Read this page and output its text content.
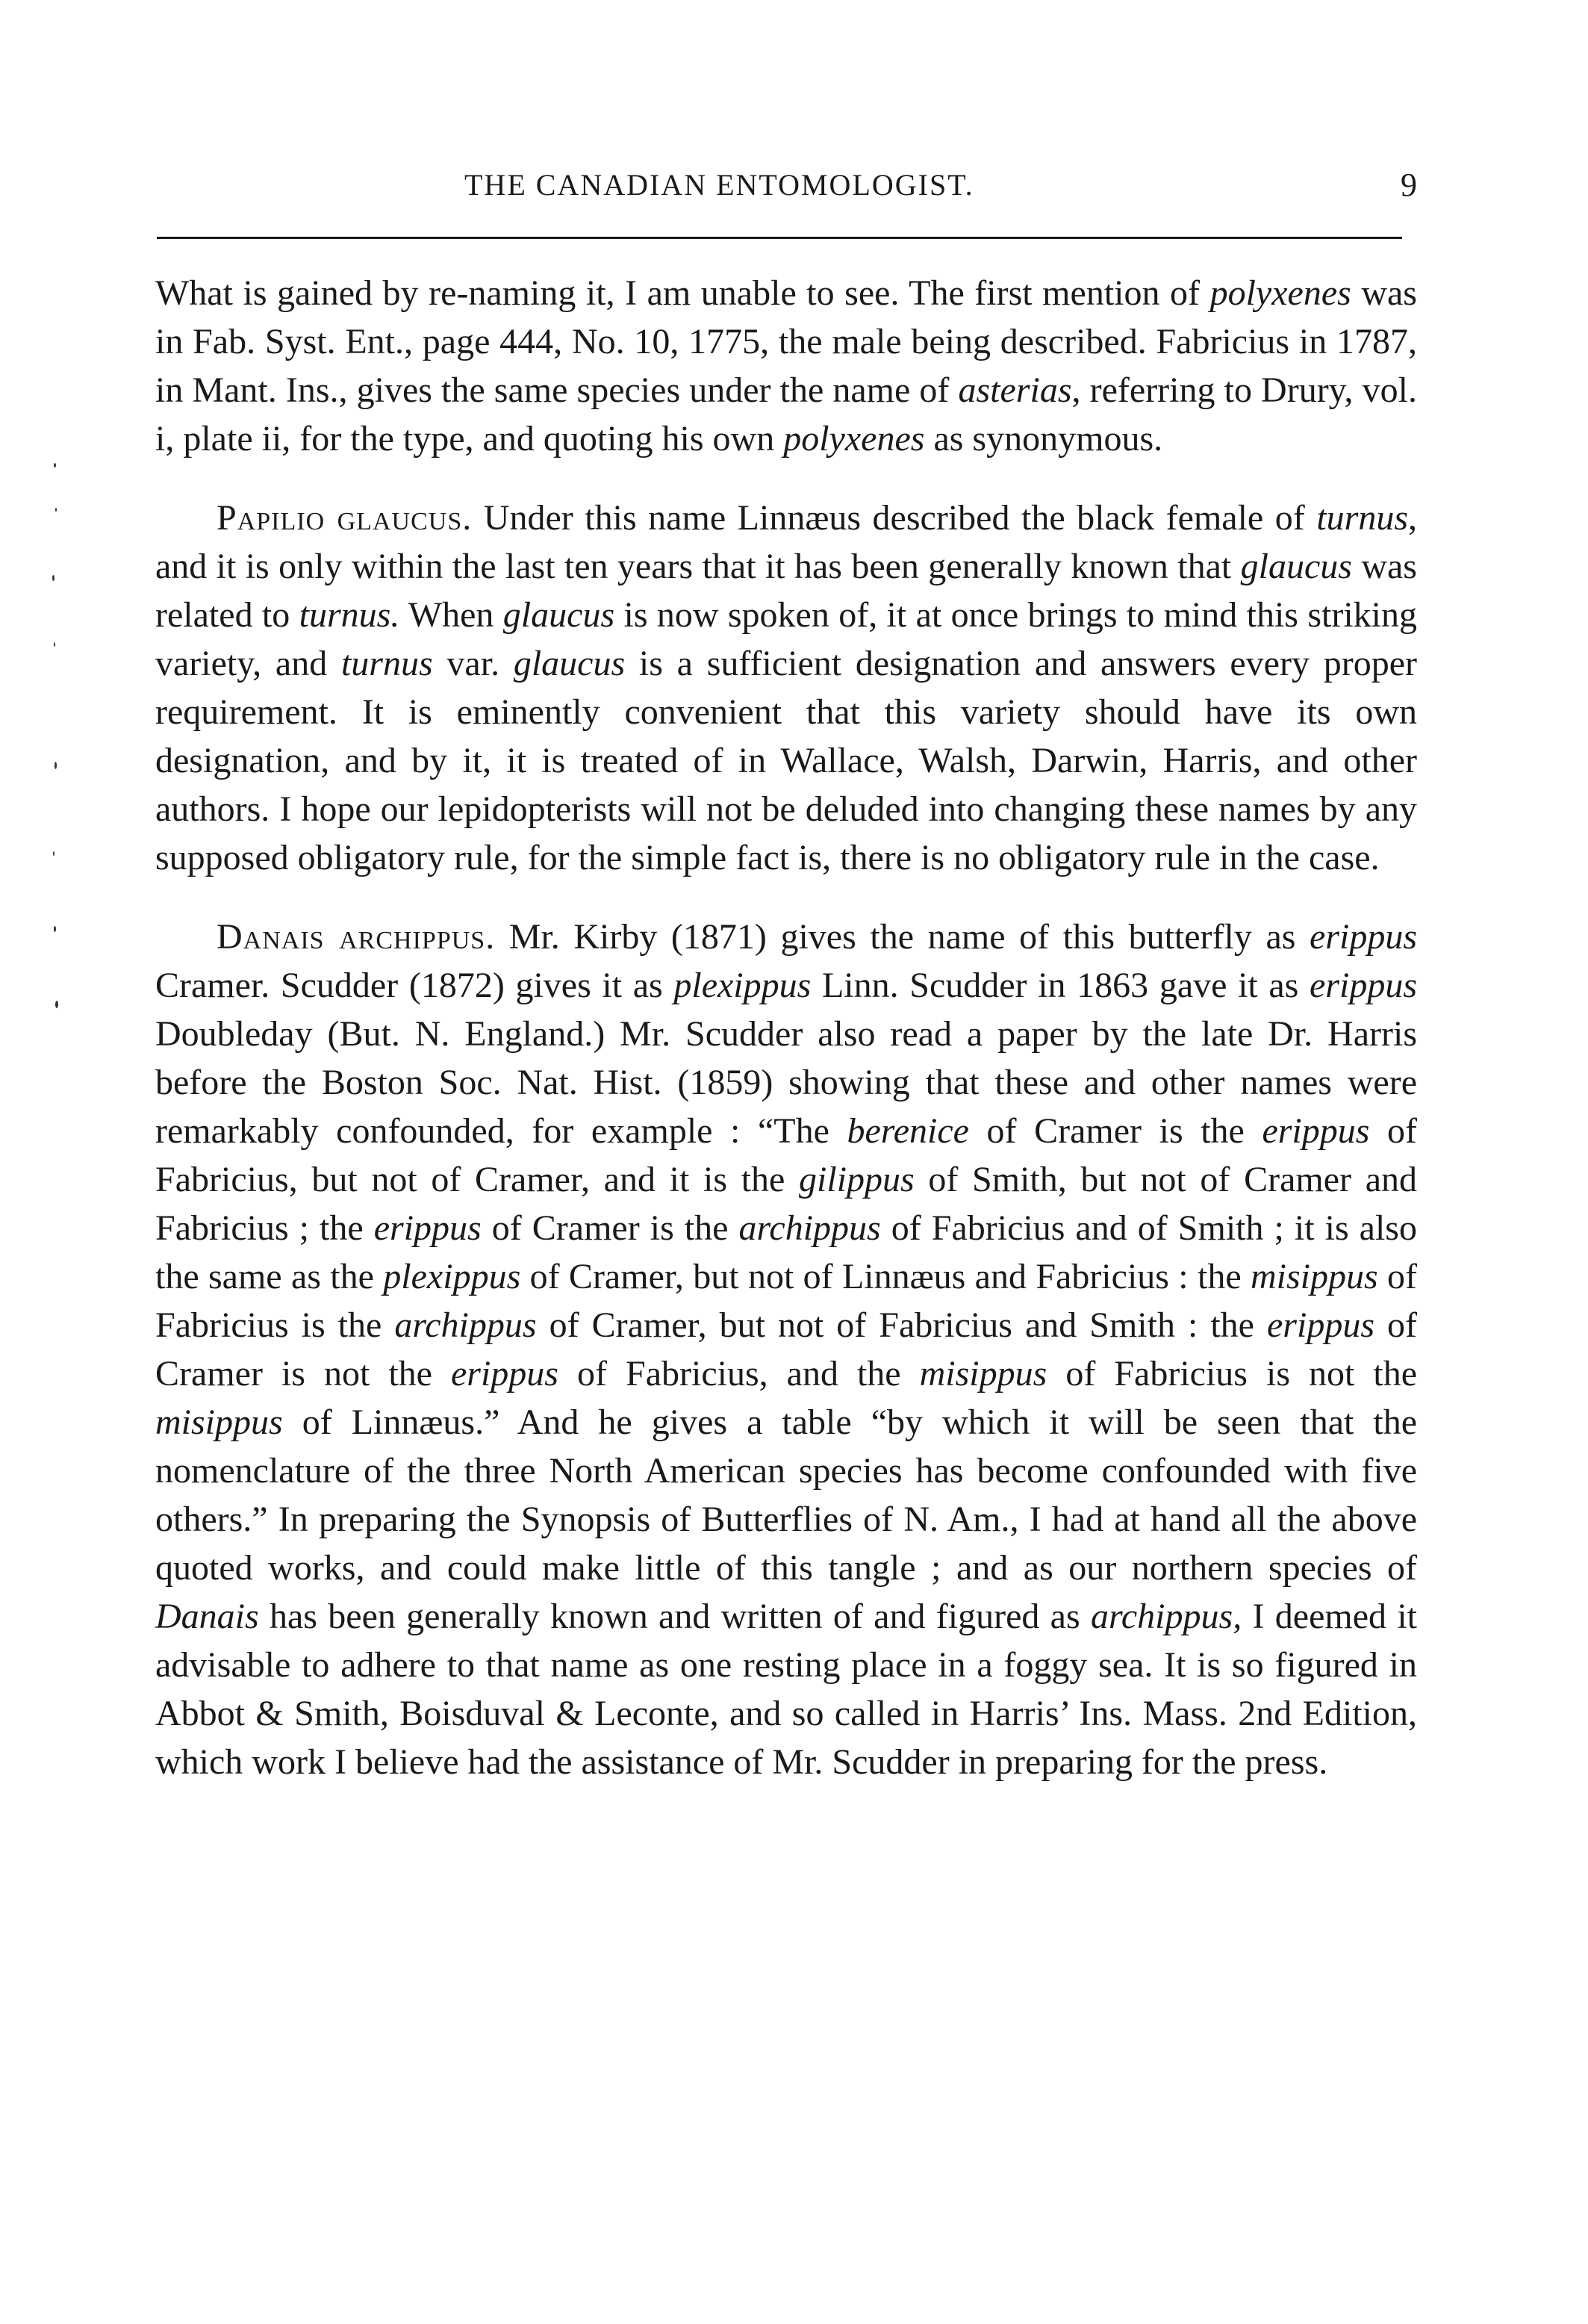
THE CANADIAN ENTOMOLOGIST.	9

What is gained by re-naming it, I am unable to see. The first mention of polyxenes was in Fab. Syst. Ent., page 444, No. 10, 1775, the male being described. Fabricius in 1787, in Mant. Ins., gives the same species under the name of asterias, referring to Drury, vol. i, plate ii, for the type, and quoting his own polyxenes as synonymous.

Papilio glaucus. Under this name Linnæus described the black female of turnus, and it is only within the last ten years that it has been generally known that glaucus was related to turnus. When glaucus is now spoken of, it at once brings to mind this striking variety, and turnus var. glaucus is a sufficient designation and answers every proper requirement. It is eminently convenient that this variety should have its own designation, and by it, it is treated of in Wallace, Walsh, Darwin, Harris, and other authors. I hope our lepidopterists will not be deluded into changing these names by any supposed obligatory rule, for the simple fact is, there is no obligatory rule in the case.

Danais archippus. Mr. Kirby (1871) gives the name of this butterfly as erippus Cramer. Scudder (1872) gives it as plexippus Linn. Scudder in 1863 gave it as erippus Doubleday (But. N. England.) Mr. Scudder also read a paper by the late Dr. Harris before the Boston Soc. Nat. Hist. (1859) showing that these and other names were remarkably confounded, for example : “The berenice of Cramer is the erippus of Fabricius, but not of Cramer, and it is the gilippus of Smith, but not of Cramer and Fabricius ; the erippus of Cramer is the archippus of Fabricius and of Smith ; it is also the same as the plexippus of Cramer, but not of Linnæus and Fabricius : the misippus of Fabricius is the archippus of Cramer, but not of Fabricius and Smith : the erippus of Cramer is not the erippus of Fabricius, and the misippus of Fabricius is not the misippus of Linnæus.” And he gives a table “by which it will be seen that the nomenclature of the three North American species has become confounded with five others.” In preparing the Synopsis of Butterflies of N. Am., I had at hand all the above quoted works, and could make little of this tangle ; and as our northern species of Danais has been generally known and written of and figured as archippus, I deemed it advisable to adhere to that name as one resting place in a foggy sea. It is so figured in Abbot & Smith, Boisduval & Leconte, and so called in Harris’ Ins. Mass. 2nd Edition, which work I believe had the assistance of Mr. Scudder in preparing for the press.
